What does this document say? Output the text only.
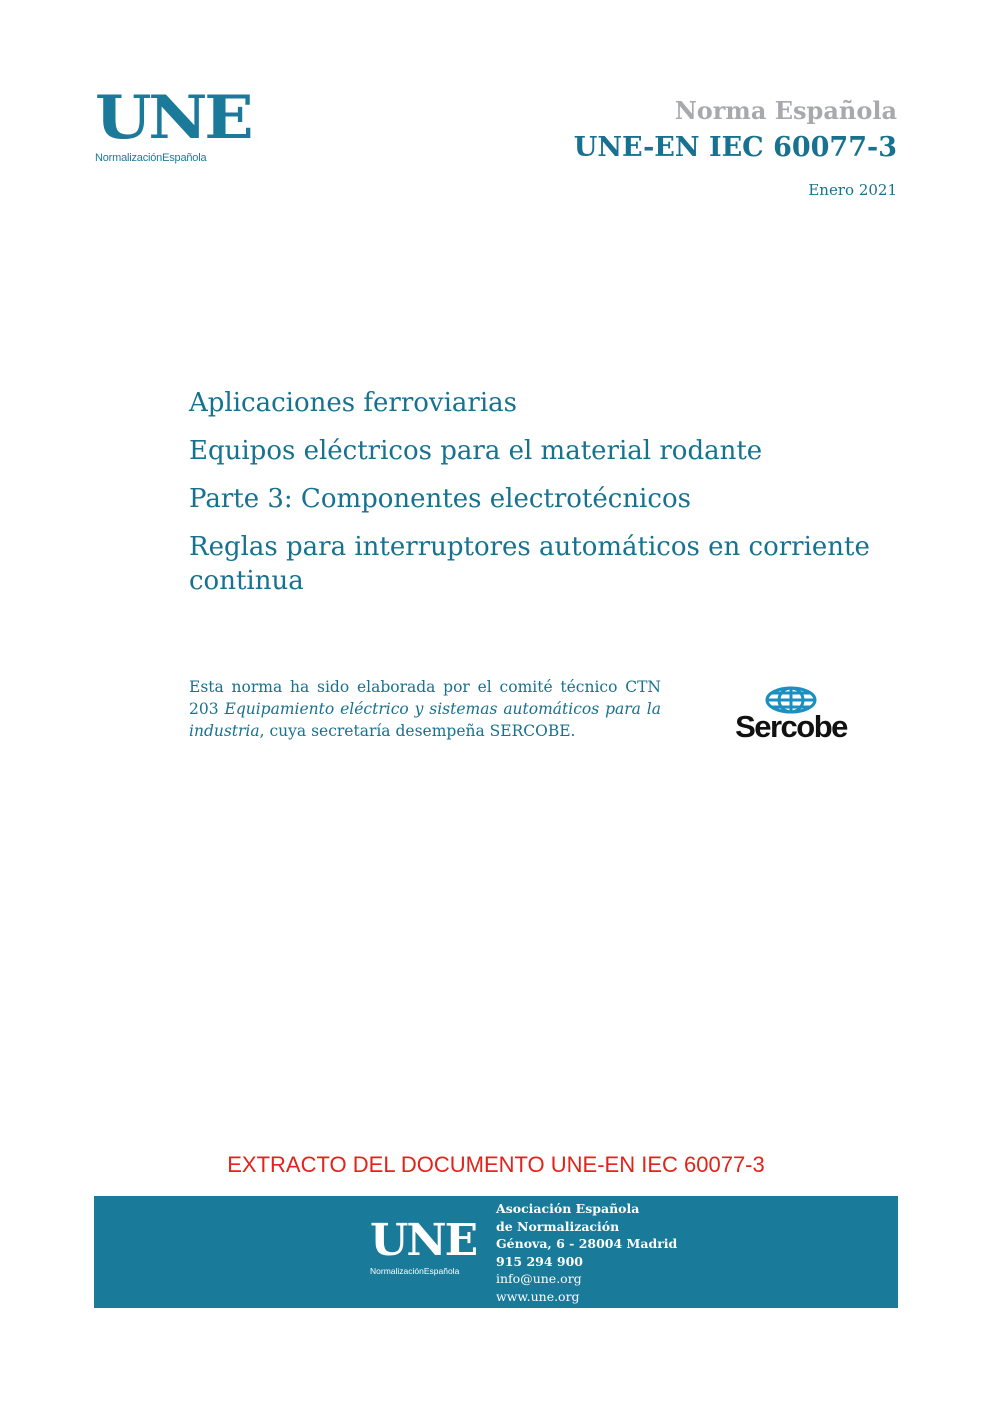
UNE
NormalizaciónEspañola
Norma Española
UNE-EN IEC 60077-3
Enero 2021

Aplicaciones ferroviarias

Equipos eléctricos para el material rodante

Parte 3: Componentes electrotécnicos

Reglas para interruptores automáticos en corriente continua

Esta norma ha sido elaborada por el comité técnico CTN 203 Equipamiento eléctrico y sistemas automáticos para la industria, cuya secretaría desempeña SERCOBE.	Sercobe
EXTRACTO DEL DOCUMENTO UNE-EN IEC 60077-3
UNE
NormalizaciónEspañola
Asociación Española
de Normalización
Génova, 6 - 28004 Madrid
915 294 900
info@une.org
www.une.org
